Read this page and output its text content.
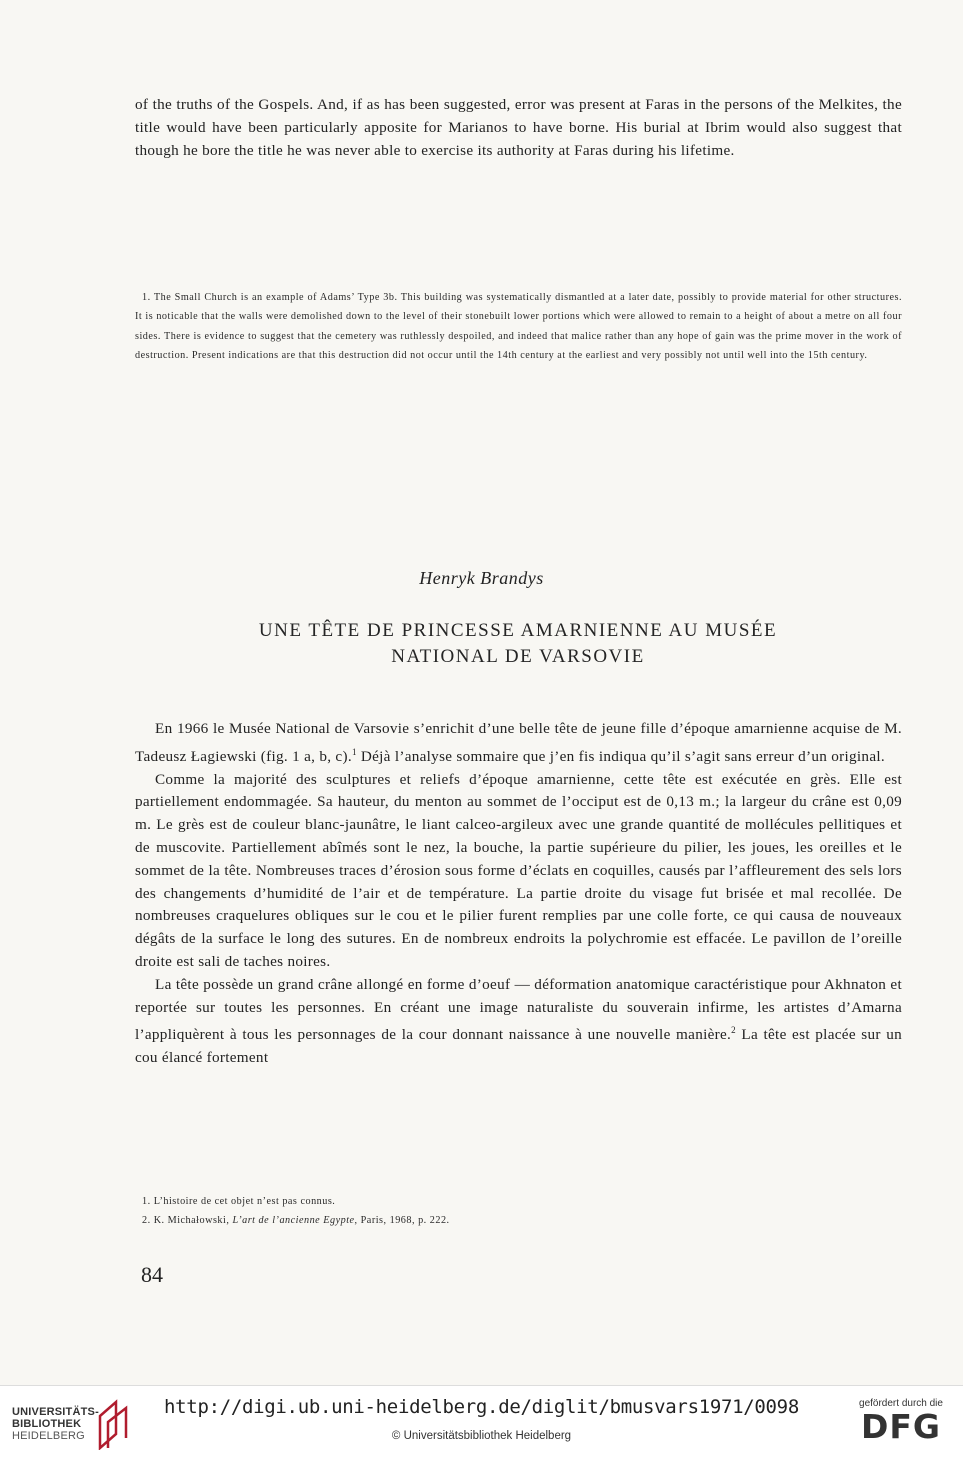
of the truths of the Gospels. And, if as has been suggested, error was present at Faras in the persons of the Melkites, the title would have been particularly apposite for Marianos to have borne. His burial at Ibrim would also suggest that though he bore the title he was never able to exercise its authority at Faras during his lifetime.

1. The Small Church is an example of Adams’ Type 3b. This building was systematically dismantled at a later date, possibly to provide material for other structures. It is noticable that the walls were demolished down to the level of their stonebuilt lower portions which were allowed to remain to a height of about a metre on all four sides. There is evidence to suggest that the cemetery was ruthlessly despoiled, and indeed that malice rather than any hope of gain was the prime mover in the work of destruction. Present indications are that this destruction did not occur until the 14th century at the earliest and very possibly not until well into the 15th century.

Henryk Brandys
UNE TÊTE DE PRINCESSE AMARNIENNE AU MUSÉE
NATIONAL DE VARSOVIE

En 1966 le Musée National de Varsovie s’enrichit d’une belle tête de jeune fille d’époque amarnienne acquise de M. Tadeusz Łagiewski (fig. 1 a, b, c).$^1$ Déjà l’analyse sommaire que j’en fis indiqua qu’il s’agit sans erreur d’un original.

Comme la majorité des sculptures et reliefs d’époque amarnienne, cette tête est exécutée en grès. Elle est partiellement endommagée. Sa hauteur, du menton au sommet de l’occiput est de 0,13 m.; la largeur du crâne est 0,09 m. Le grès est de couleur blanc-jaunâtre, le liant calceo-argileux avec une grande quantité de mollécules pellitiques et de muscovite. Partiellement abîmés sont le nez, la bouche, la partie supérieure du pilier, les joues, les oreilles et le sommet de la tête. Nombreuses traces d’érosion sous forme d’éclats en coquilles, causés par l’affleurement des sels lors des changements d’humidité de l’air et de température. La partie droite du visage fut brisée et mal recollée. De nombreuses craquelures obliques sur le cou et le pilier furent remplies par une colle forte, ce qui causa de nouveaux dégâts de la surface le long des sutures. En de nombreux endroits la polychromie est effacée. Le pavillon de l’oreille droite est sali de taches noires.

La tête possède un grand crâne allongé en forme d’oeuf — déformation anatomique caractéristique pour Akhnaton et reportée sur toutes les personnes. En créant une image naturaliste du souverain infirme, les artistes d’Amarna l’appliquèrent à tous les personnages de la cour donnant naissance à une nouvelle manière.$^2$ La tête est placée sur un cou élancé fortement

1. L’histoire de cet objet n’est pas connus.

2. K. Michałowski, L’art de l’ancienne Egypte, Paris, 1968, p. 222.

84
UNIVERSITÄTS-
BIBLIOTHEK
HEIDELBERG
http://digi.ub.uni-heidelberg.de/diglit/bmusvars1971/0098
© Universitätsbibliothek Heidelberg
gefördert durch die
DFG
